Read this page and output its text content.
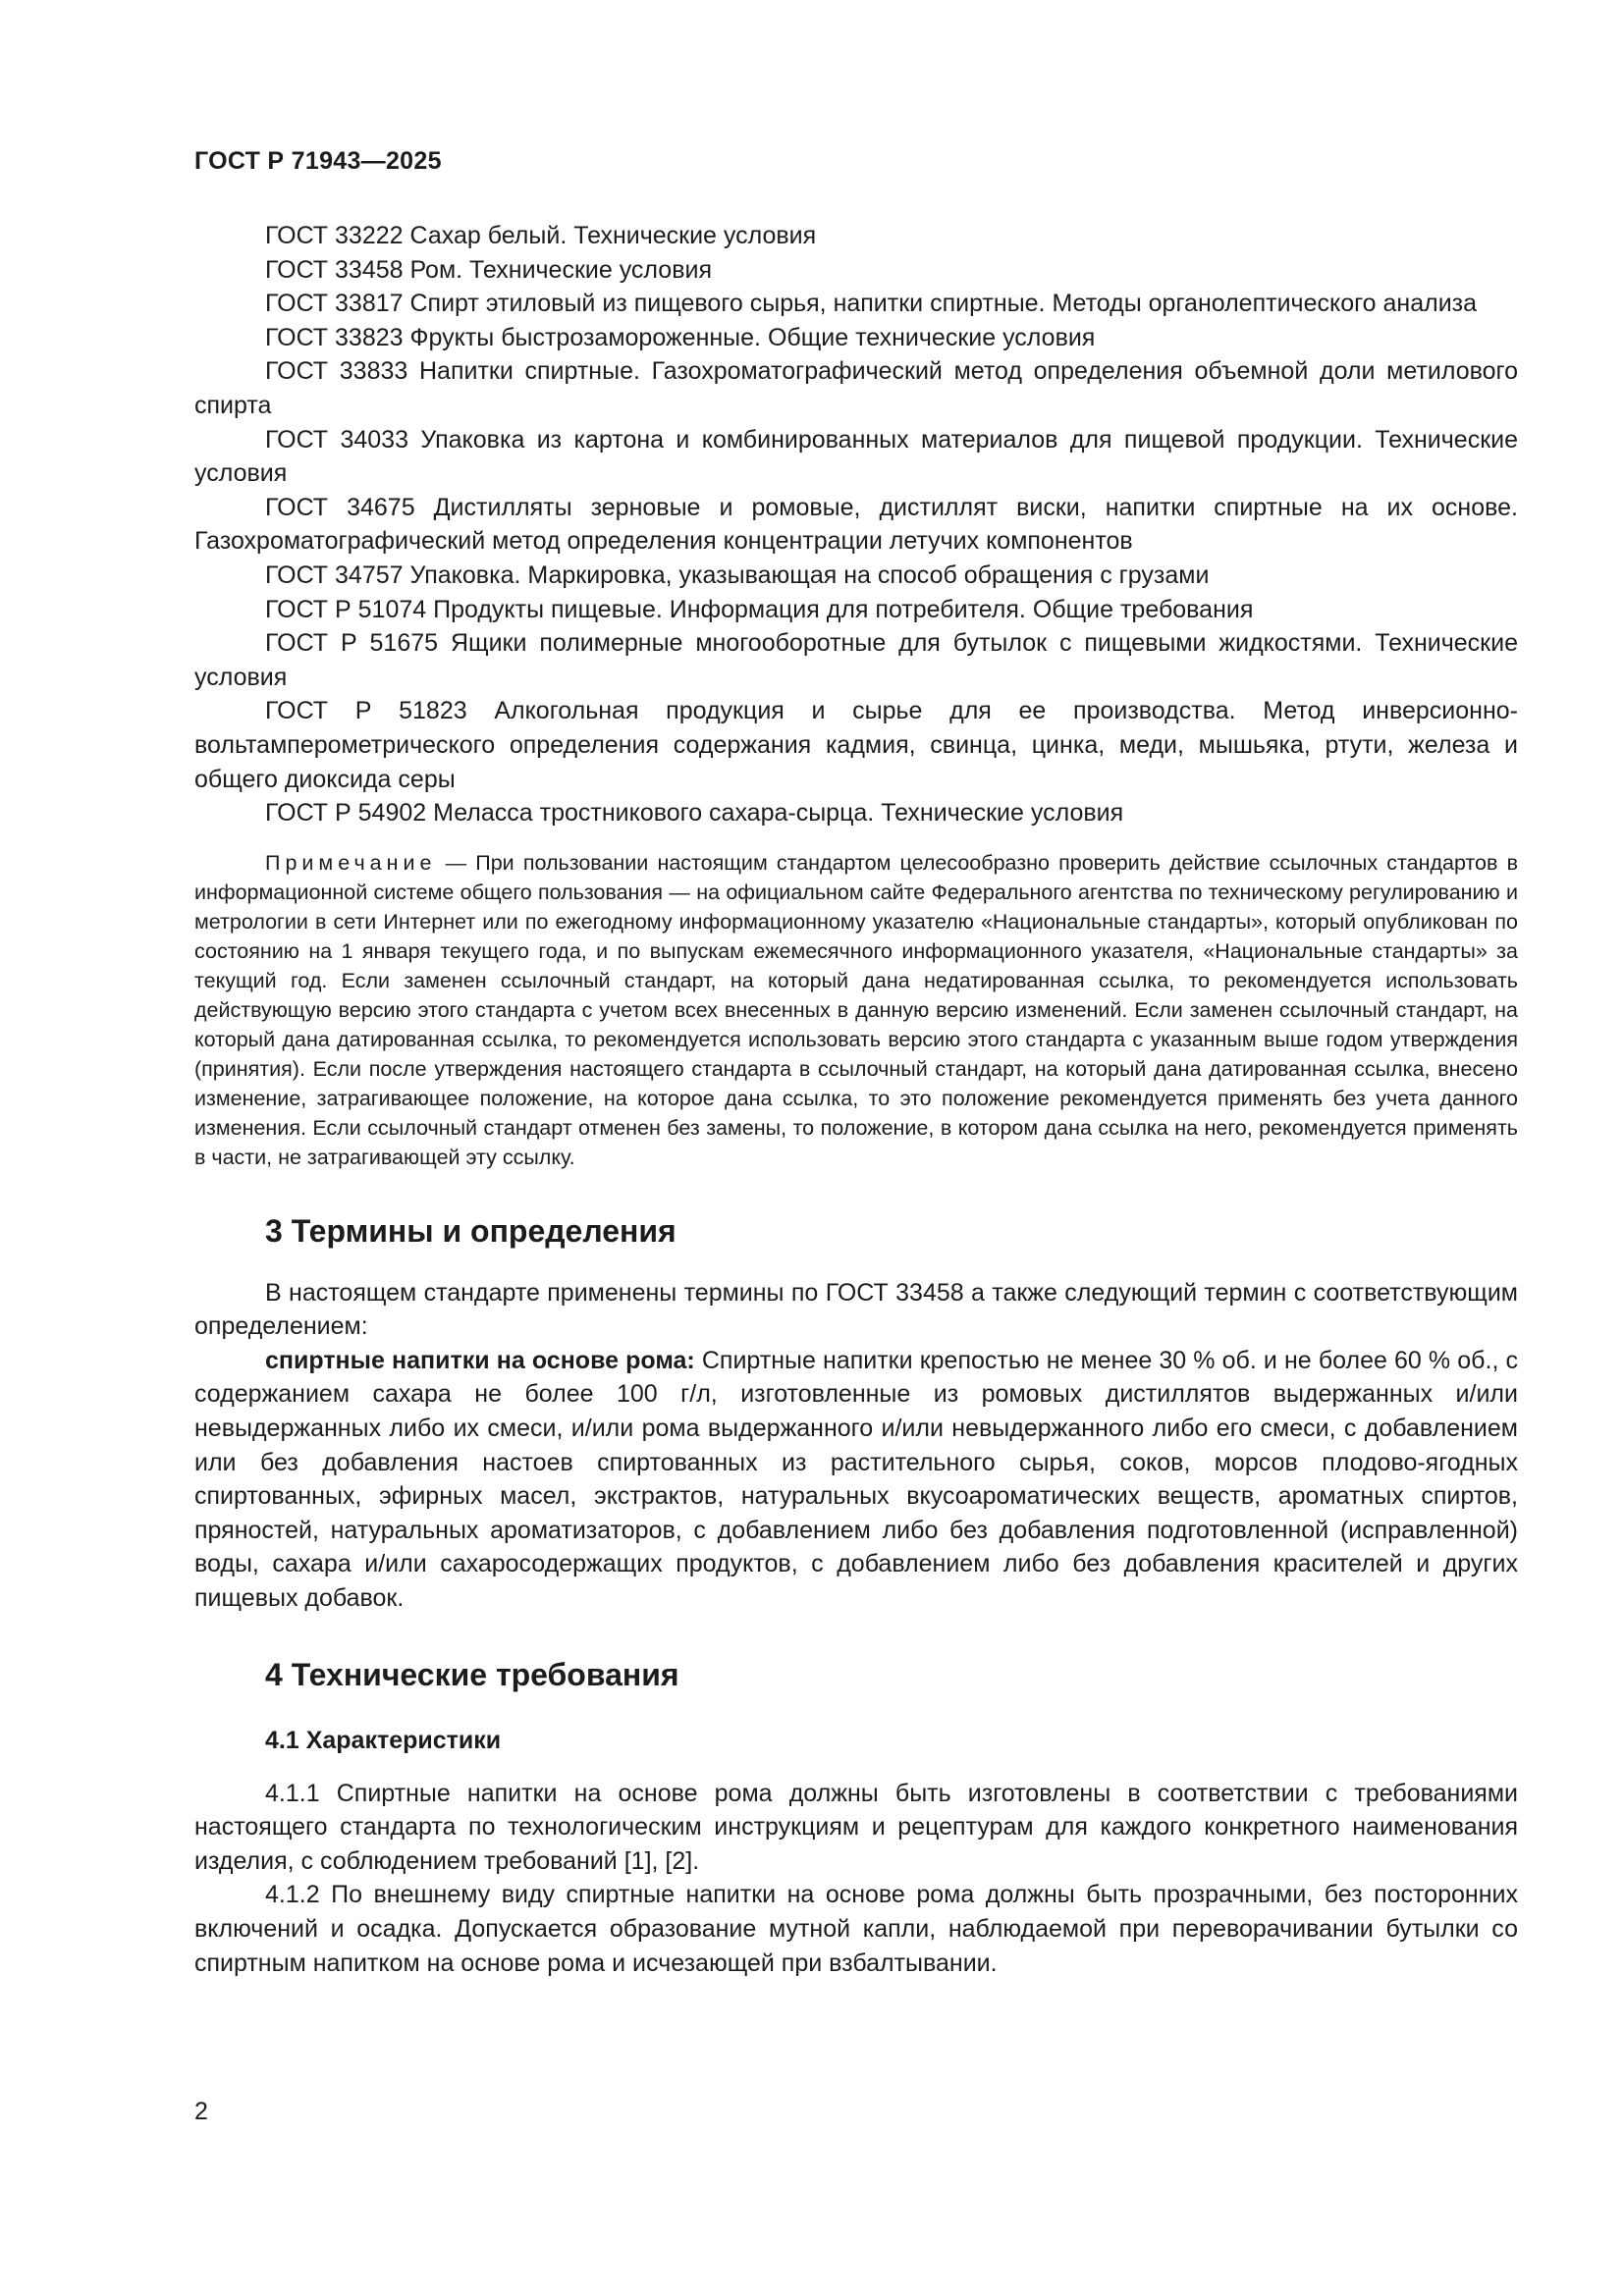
ГОСТ Р 71943—2025

ГОСТ 33222 Сахар белый. Технические условия

ГОСТ 33458 Ром. Технические условия

ГОСТ 33817 Спирт этиловый из пищевого сырья, напитки спиртные. Методы органолептического анализа

ГОСТ 33823 Фрукты быстрозамороженные. Общие технические условия

ГОСТ 33833 Напитки спиртные. Газохроматографический метод определения объемной доли метилового спирта

ГОСТ 34033 Упаковка из картона и комбинированных материалов для пищевой продукции. Технические условия

ГОСТ 34675 Дистилляты зерновые и ромовые, дистиллят виски, напитки спиртные на их основе. Газохроматографический метод определения концентрации летучих компонентов

ГОСТ 34757 Упаковка. Маркировка, указывающая на способ обращения с грузами

ГОСТ Р 51074 Продукты пищевые. Информация для потребителя. Общие требования

ГОСТ Р 51675 Ящики полимерные многооборотные для бутылок с пищевыми жидкостями. Технические условия

ГОСТ Р 51823 Алкогольная продукция и сырье для ее производства. Метод инверсионно-вольтамперометрического определения содержания кадмия, свинца, цинка, меди, мышьяка, ртути, железа и общего диоксида серы

ГОСТ Р 54902 Меласса тростникового сахара-сырца. Технические условия

Примечание — При пользовании настоящим стандартом целесообразно проверить действие ссылочных стандартов в информационной системе общего пользования — на официальном сайте Федерального агентства по техническому регулированию и метрологии в сети Интернет или по ежегодному информационному указателю «Национальные стандарты», который опубликован по состоянию на 1 января текущего года, и по выпускам ежемесячного информационного указателя, «Национальные стандарты» за текущий год. Если заменен ссылочный стандарт, на который дана недатированная ссылка, то рекомендуется использовать действующую версию этого стандарта с учетом всех внесенных в данную версию изменений. Если заменен ссылочный стандарт, на который дана датированная ссылка, то рекомендуется использовать версию этого стандарта с указанным выше годом утверждения (принятия). Если после утверждения настоящего стандарта в ссылочный стандарт, на который дана датированная ссылка, внесено изменение, затрагивающее положение, на которое дана ссылка, то это положение рекомендуется применять без учета данного изменения. Если ссылочный стандарт отменен без замены, то положение, в котором дана ссылка на него, рекомендуется применять в части, не затрагивающей эту ссылку.

3 Термины и определения

В настоящем стандарте применены термины по ГОСТ 33458 а также следующий термин с соответствующим определением:

спиртные напитки на основе рома: Спиртные напитки крепостью не менее 30 % об. и не более 60 % об., с содержанием сахара не более 100 г/л, изготовленные из ромовых дистиллятов выдержанных и/или невыдержанных либо их смеси, и/или рома выдержанного и/или невыдержанного либо его смеси, с добавлением или без добавления настоев спиртованных из растительного сырья, соков, морсов плодово-ягодных спиртованных, эфирных масел, экстрактов, натуральных вкусоароматических веществ, ароматных спиртов, пряностей, натуральных ароматизаторов, с добавлением либо без добавления подготовленной (исправленной) воды, сахара и/или сахаросодержащих продуктов, с добавлением либо без добавления красителей и других пищевых добавок.

4 Технические требования
4.1 Характеристики

4.1.1 Спиртные напитки на основе рома должны быть изготовлены в соответствии с требованиями настоящего стандарта по технологическим инструкциям и рецептурам для каждого конкретного наименования изделия, с соблюдением требований [1], [2].

4.1.2 По внешнему виду спиртные напитки на основе рома должны быть прозрачными, без посторонних включений и осадка. Допускается образование мутной капли, наблюдаемой при переворачивании бутылки со спиртным напитком на основе рома и исчезающей при взбалтывании.

2
